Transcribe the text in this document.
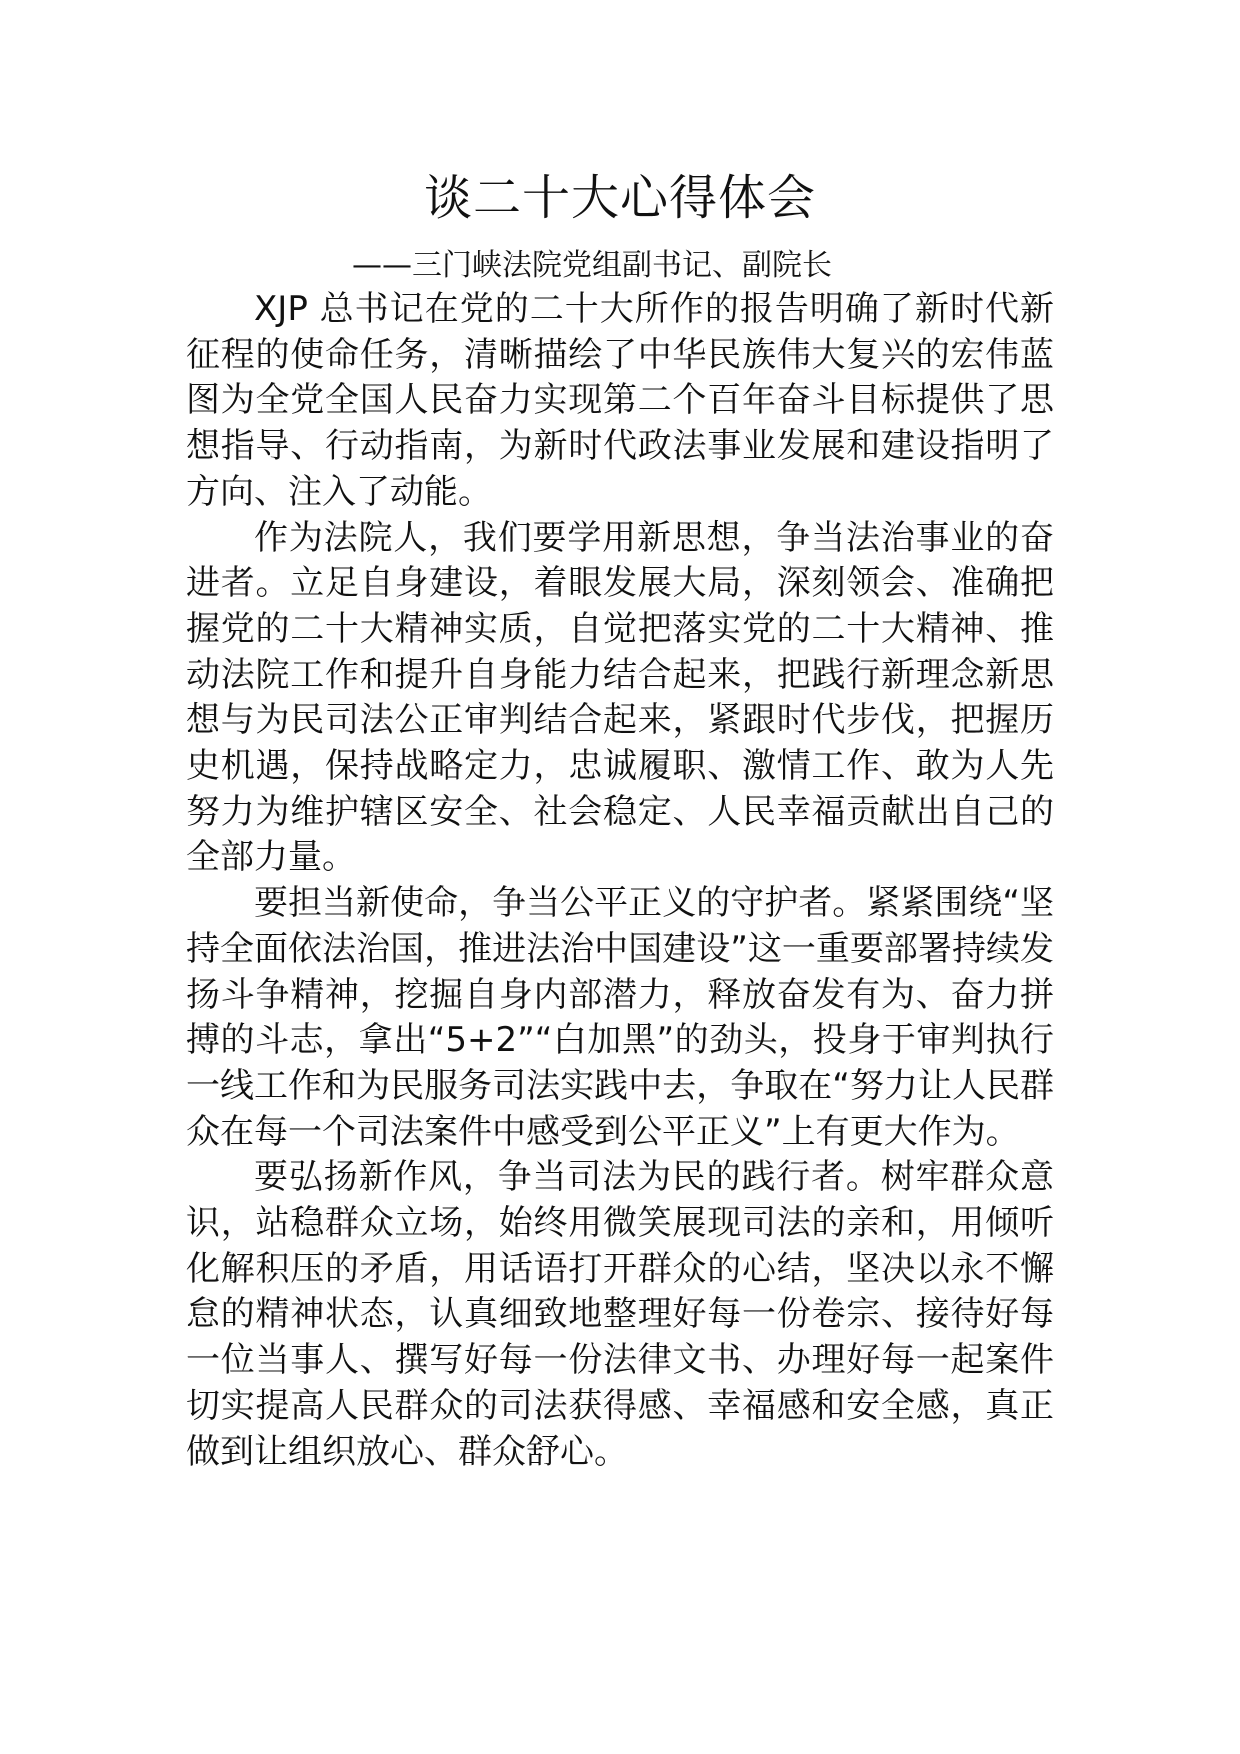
谈二十大心得体会
——三门峡法院党组副书记、副院长

XJP 总书记在党的二十大所作的报告明确了新时代新征程的使命任务，清晰描绘了中华民族伟大复兴的宏伟蓝图为全党全国人民奋力实现第二个百年奋斗目标提供了思想指导、行动指南，为新时代政法事业发展和建设指明了方向、注入了动能。

作为法院人，我们要学用新思想，争当法治事业的奋进者。立足自身建设，着眼发展大局，深刻领会、准确把握党的二十大精神实质，自觉把落实党的二十大精神、推动法院工作和提升自身能力结合起来，把践行新理念新思想与为民司法公正审判结合起来，紧跟时代步伐，把握历史机遇，保持战略定力，忠诚履职、激情工作、敢为人先努力为维护辖区安全、社会稳定、人民幸福贡献出自己的全部力量。

要担当新使命，争当公平正义的守护者。紧紧围绕“坚持全面依法治国，推进法治中国建设”这一重要部署持续发扬斗争精神，挖掘自身内部潜力，释放奋发有为、奋力拼搏的斗志，拿出“5+2”“白加黑”的劲头，投身于审判执行一线工作和为民服务司法实践中去，争取在“努力让人民群众在每一个司法案件中感受到公平正义”上有更大作为。

要弘扬新作风，争当司法为民的践行者。树牢群众意识，站稳群众立场，始终用微笑展现司法的亲和，用倾听化解积压的矛盾，用话语打开群众的心结，坚决以永不懈怠的精神状态，认真细致地整理好每一份卷宗、接待好每一位当事人、撰写好每一份法律文书、办理好每一起案件切实提高人民群众的司法获得感、幸福感和安全感，真正做到让组织放心、群众舒心。
